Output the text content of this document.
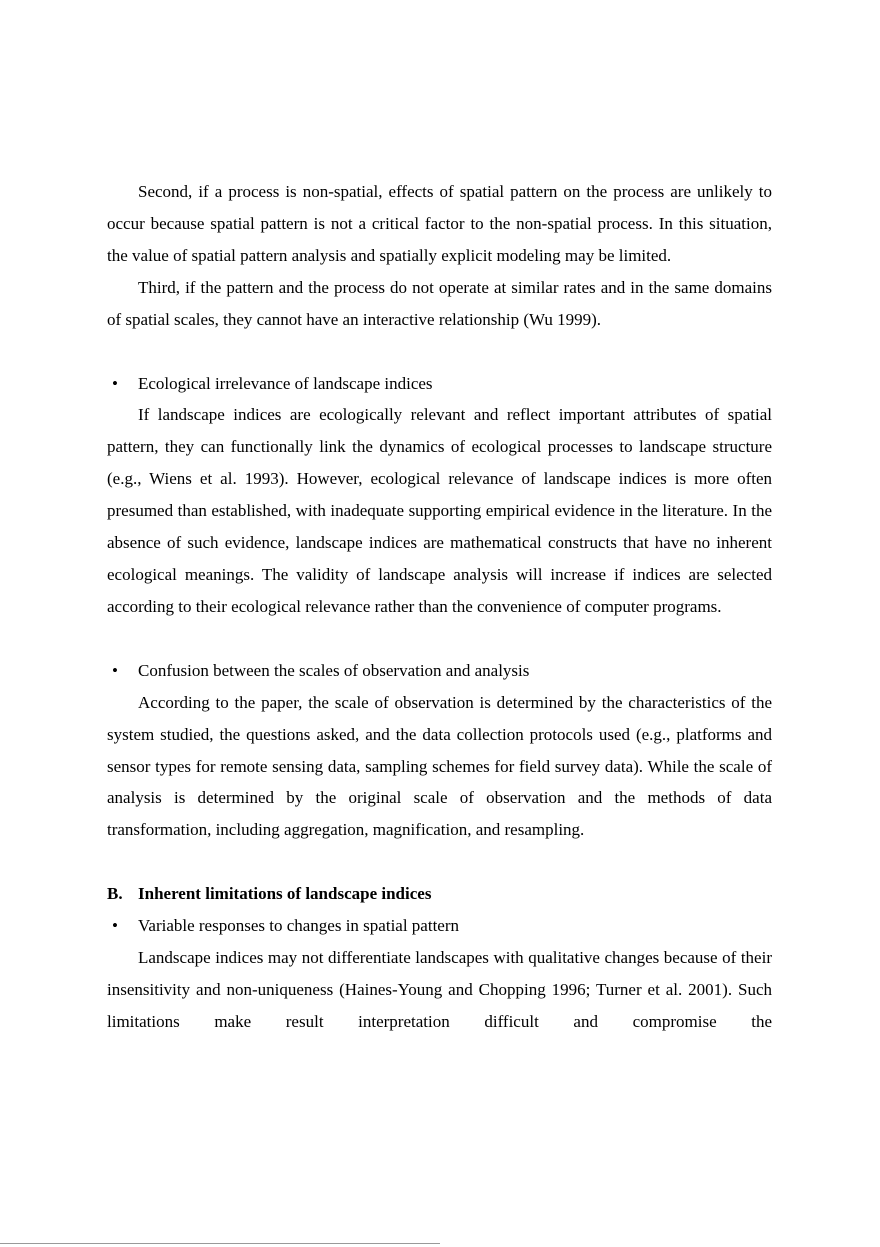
Second, if a process is non-spatial, effects of spatial pattern on the process are unlikely to occur because spatial pattern is not a critical factor to the non-spatial process. In this situation, the value of spatial pattern analysis and spatially explicit modeling may be limited.

Third, if the pattern and the process do not operate at similar rates and in the same domains of spatial scales, they cannot have an interactive relationship (Wu 1999).

• Ecological irrelevance of landscape indices

If landscape indices are ecologically relevant and reflect important attributes of spatial pattern, they can functionally link the dynamics of ecological processes to landscape structure (e.g., Wiens et al. 1993). However, ecological relevance of landscape indices is more often presumed than established, with inadequate supporting empirical evidence in the literature. In the absence of such evidence, landscape indices are mathematical constructs that have no inherent ecological meanings. The validity of landscape analysis will increase if indices are selected according to their ecological relevance rather than the convenience of computer programs.

• Confusion between the scales of observation and analysis

According to the paper, the scale of observation is determined by the characteristics of the system studied, the questions asked, and the data collection protocols used (e.g., platforms and sensor types for remote sensing data, sampling schemes for field survey data). While the scale of analysis is determined by the original scale of observation and the methods of data transformation, including aggregation, magnification, and resampling.

B. Inherent limitations of landscape indices
• Variable responses to changes in spatial pattern

Landscape indices may not differentiate landscapes with qualitative changes because of their insensitivity and non-uniqueness (Haines-Young and Chopping 1996; Turner et al. 2001). Such limitations make result interpretation difficult and compromise the
